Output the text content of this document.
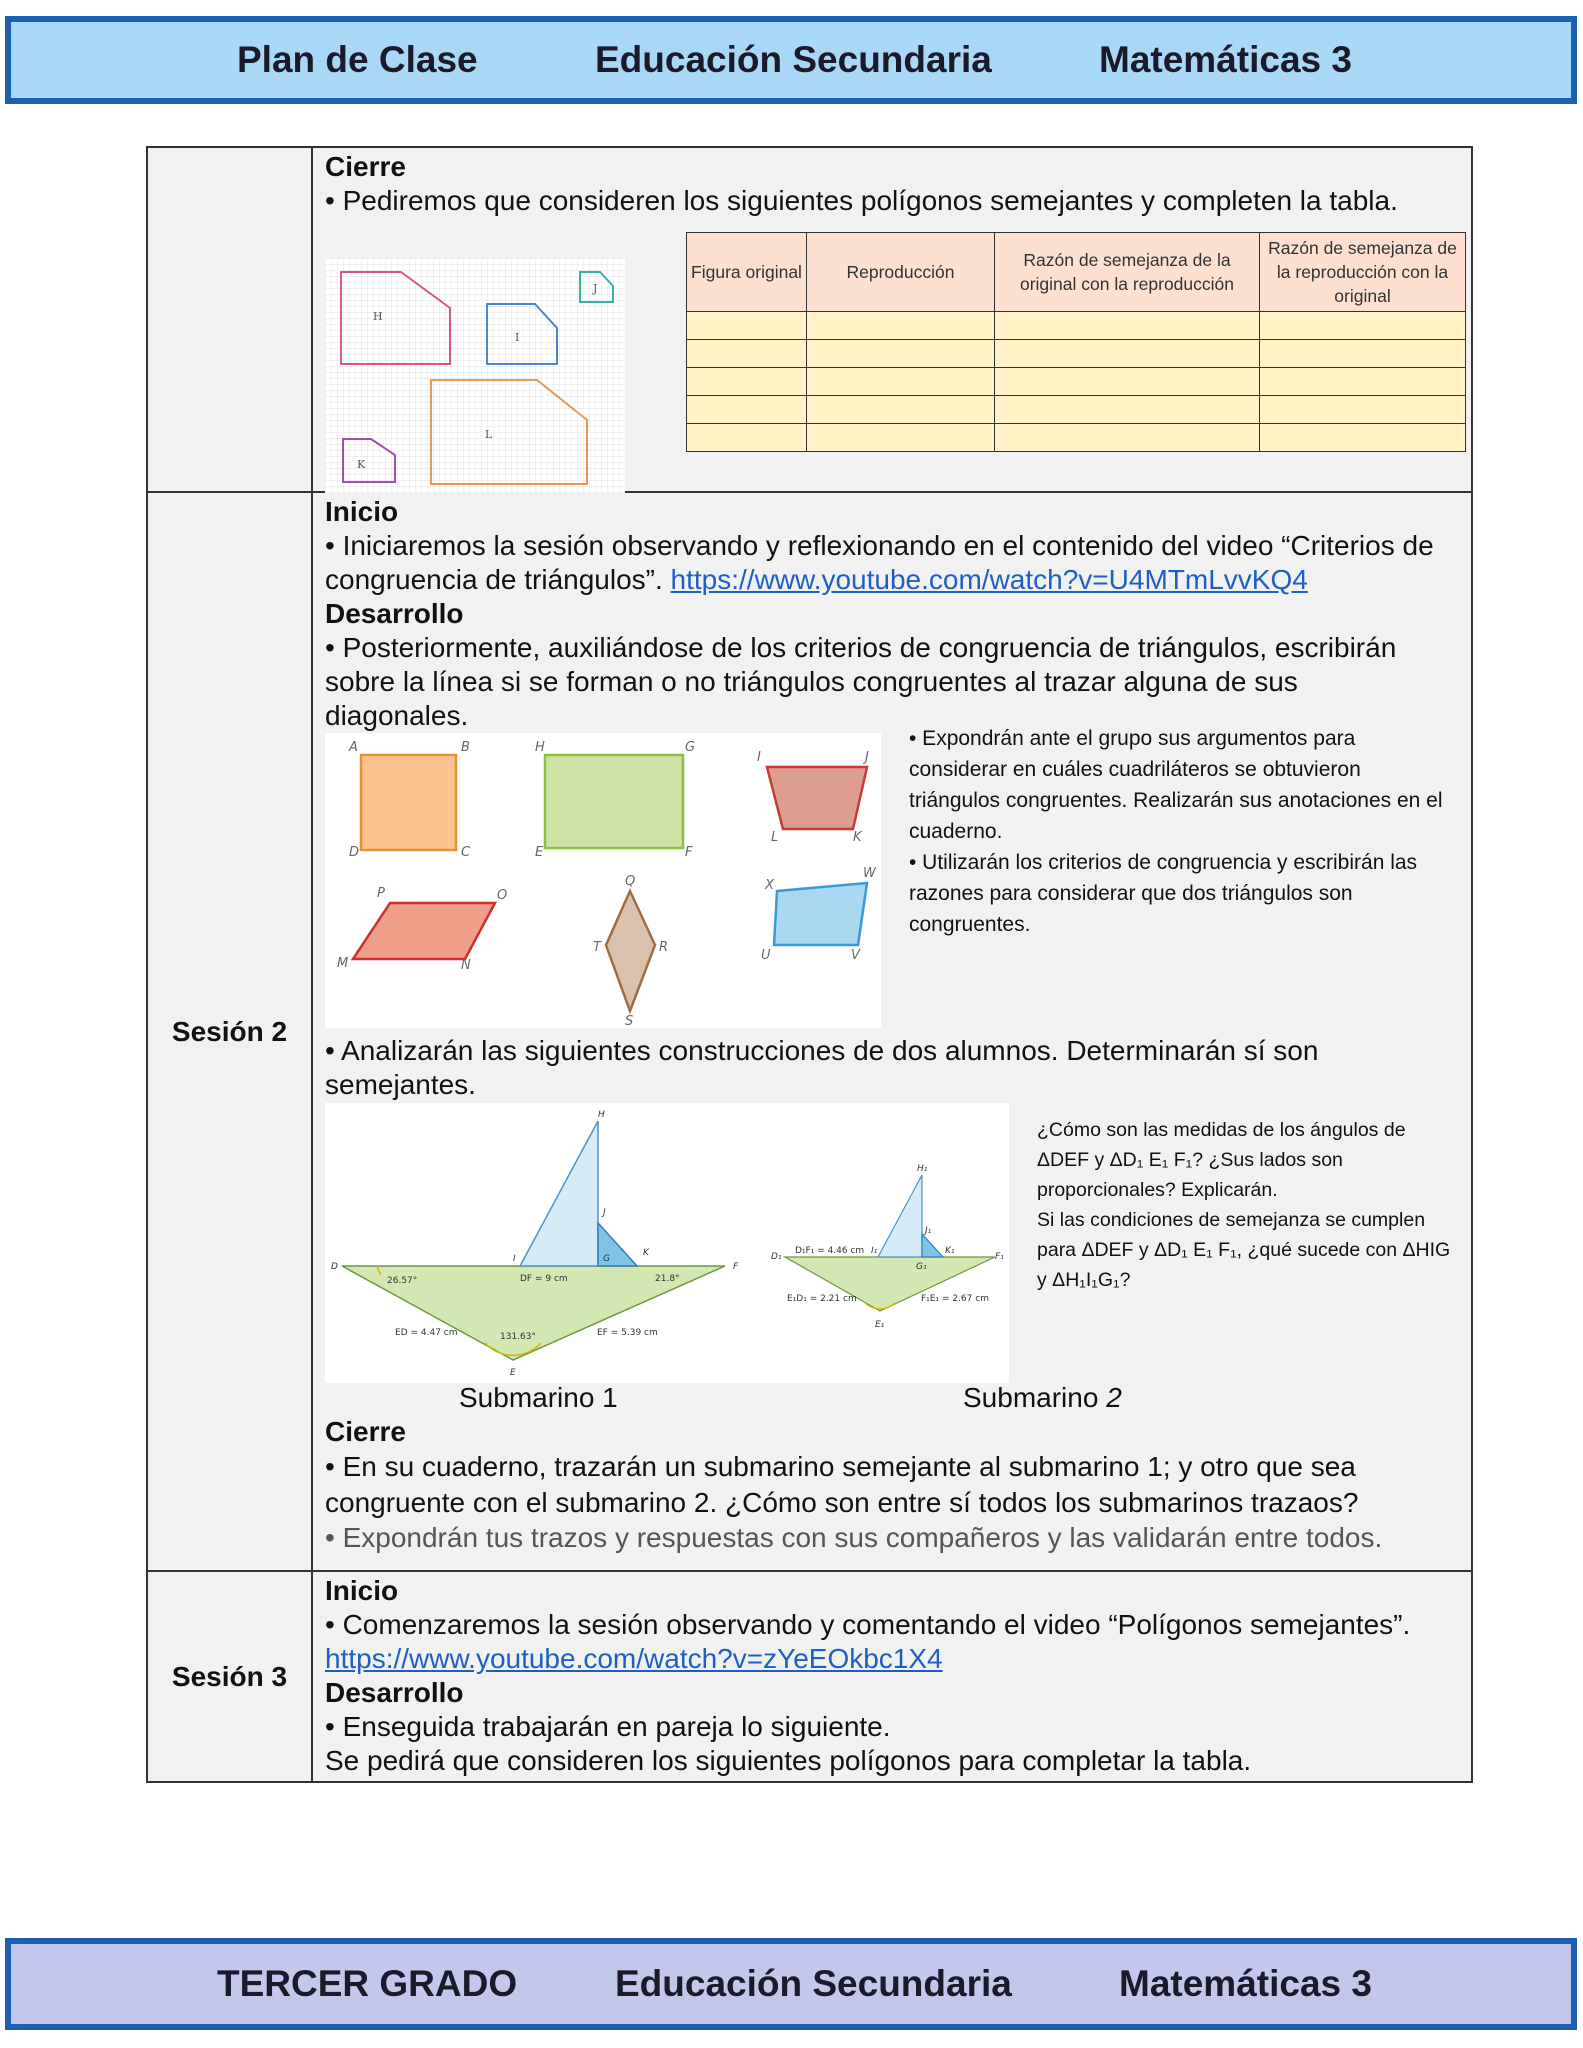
Plan de Clase	Educación Secundaria	Matemáticas 3

Cierre
• Pediremos que consideren los siguientes polígonos semejantes y completen la tabla.
H
I
J
L
K
Figura original	Reproducción	Razón de semejanza de la original con la reproducción	Razón de semejanza de la reproducción con la original

Sesión 2	
Inicio
• Iniciaremos la sesión observando y reflexionando en el contenido del video “Criterios de congruencia de triángulos”. https://www.youtube.com/watch?v=U4MTmLvvKQ4
Desarrollo
• Posteriormente, auxiliándose de los criterios de congruencia de triángulos, escribirán sobre la línea si se forman o no triángulos congruentes al trazar alguna de sus diagonales.
A	B
D	C
H	G
E	F
I	J
L	K
P	O
M	N
Q
T	R
S
X
W
U	V
• Expondrán ante el grupo sus argumentos para considerar en cuáles cuadriláteros se obtuvieron triángulos congruentes. Realizarán sus anotaciones en el cuaderno.
• Utilizarán los criterios de congruencia y escribirán las razones para considerar que dos triángulos son congruentes.
• Analizarán las siguientes construcciones de dos alumnos. Determinarán sí son semejantes.
H
J
G
K
D	F
I
E
26.57°	21.8°
131.63°
DF = 9 cm
ED = 4.47 cm	EF = 5.39 cm
H₁
J₁
K₁
D₁
I₁
G₁
F₁
E₁
D₁F₁ = 4.46 cm
E₁D₁ = 2.21 cm	F₁E₁ = 2.67 cm
¿Cómo son las medidas de los ángulos de ΔDEF y ΔD₁ E₁ F₁? ¿Sus lados son proporcionales? Explicarán.
Si las condiciones de semejanza se cumplen para ΔDEF y ΔD₁ E₁ F₁, ¿qué sucede con ΔHIG y ΔH₁I₁G₁?
Submarino 1	Submarino 2
Cierre
• En su cuaderno, trazarán un submarino semejante al submarino 1; y otro que sea congruente con el submarino 2. ¿Cómo son entre sí todos los submarinos trazaos?
• Expondrán tus trazos y respuestas con sus compañeros y las validarán entre todos.

Sesión 3	
Inicio
• Comenzaremos la sesión observando y comentando el video “Polígonos semejantes”.
https://www.youtube.com/watch?v=zYeEOkbc1X4
Desarrollo
• Enseguida trabajarán en pareja lo siguiente.
Se pedirá que consideren los siguientes polígonos para completar la tabla.
TERCER GRADO	Educación Secundaria	Matemáticas 3
